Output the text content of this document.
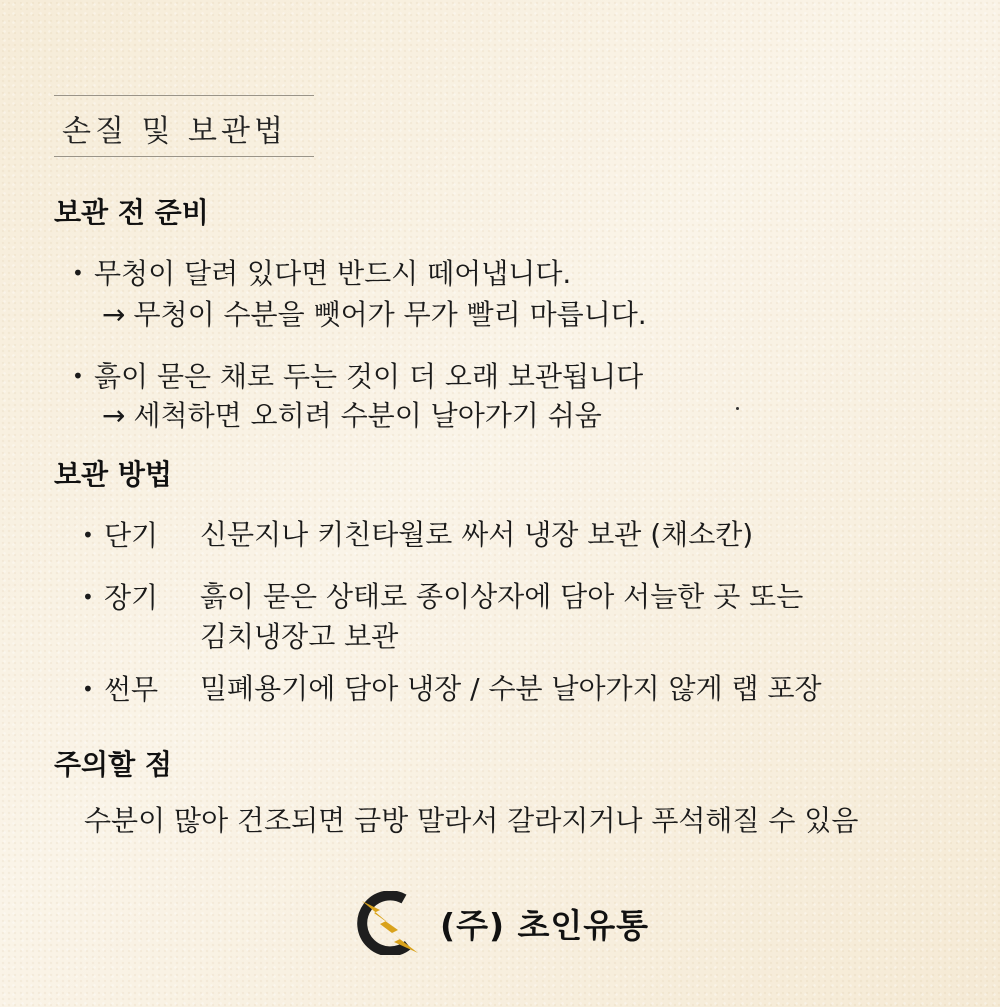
손질 및 보관법
보관 전 준비
• 무청이 달려 있다면 반드시 떼어냅니다.
→ 무청이 수분을 뺏어가 무가 빨리 마릅니다.
• 흙이 묻은 채로 두는 것이 더 오래 보관됩니다
→ 세척하면 오히려 수분이 날아가기 쉬움
보관 방법
• 단기 신문지나 키친타월로 싸서 냉장 보관 (채소칸)
• 장기 흙이 묻은 상태로 종이상자에 담아 서늘한 곳 또는
김치냉장고 보관
• 썬무 밀폐용기에 담아 냉장 / 수분 날아가지 않게 랩 포장
주의할 점
수분이 많아 건조되면 금방 말라서 갈라지거나 푸석해질 수 있음
(주) 초인유통
